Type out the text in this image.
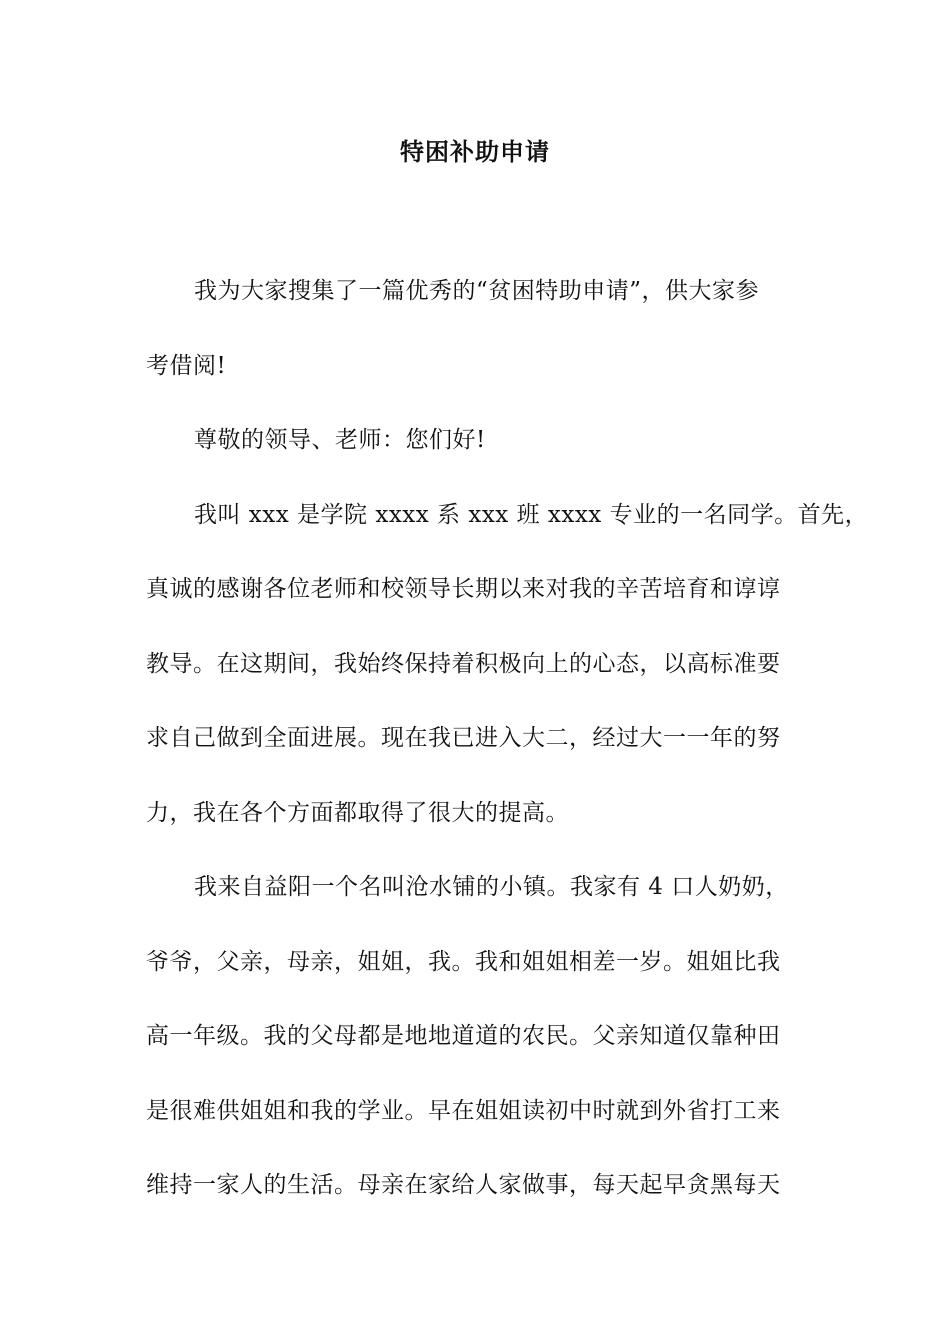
特困补助申请
我为大家搜集了一篇优秀的“贫困特助申请”，供大家参
考借阅!
尊敬的领导、老师：您们好!
我叫 xxx 是学院 xxxx 系 xxx 班 xxxx 专业的一名同学。首先，
真诚的感谢各位老师和校领导长期以来对我的辛苦培育和谆谆
教导。在这期间，我始终保持着积极向上的心态，以高标准要
求自己做到全面进展。现在我已进入大二，经过大一一年的努
力，我在各个方面都取得了很大的提高。
我来自益阳一个名叫沧水铺的小镇。我家有 4 口人奶奶，
爷爷，父亲，母亲，姐姐，我。我和姐姐相差一岁。姐姐比我
高一年级。我的父母都是地地道道的农民。父亲知道仅靠种田
是很难供姐姐和我的学业。早在姐姐读初中时就到外省打工来
维持一家人的生活。母亲在家给人家做事，每天起早贪黑每天
